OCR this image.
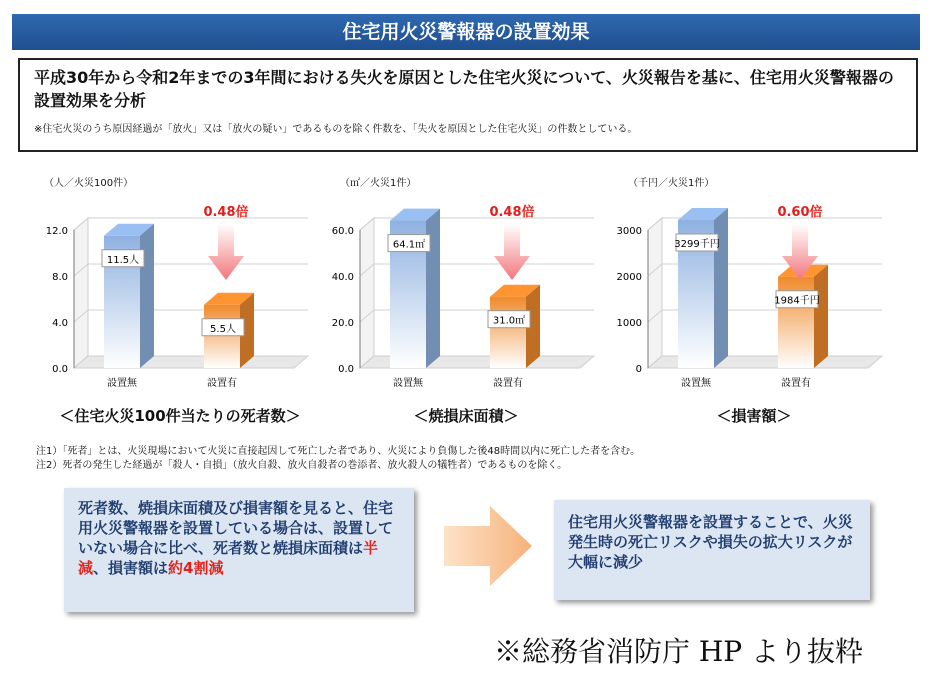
住宅用火災警報器の設置効果
平成30年から令和2年までの3年間における失火を原因とした住宅火災について、火災報告を基に、住宅用火災警報器の設置効果を分析
※住宅火災のうち原因経過が「放火」又は「放火の疑い」であるものを除く件数を、「失火を原因とした住宅火災」の件数としている。
（人／火災100件）
0.0
4.0
8.0
12.0
11.5人
設置無
5.5人
設置有
0.48倍
＜住宅火災100件当たりの死者数＞
（㎡／火災1件）
0.0
20.0
40.0
60.0
64.1㎡
設置無
31.0㎡
設置有
0.48倍
＜焼損床面積＞
（千円／火災1件）
0
1000
2000
3000
3299千円
設置無
1984千円
設置有
0.60倍
＜損害額＞
注1）「死者」とは、火災現場において火災に直接起因して死亡した者であり、火災により負傷した後48時間以内に死亡した者を含む。
注2）死者の発生した経過が「殺人・自損」（放火自殺、放火自殺者の巻添者、放火殺人の犠牲者）であるものを除く。
死者数、焼損床面積及び損害額を見ると、住宅用火災警報器を設置している場合は、設置していない場合に比べ、死者数と焼損床面積は半減、損害額は約4割減
住宅用火災警報器を設置することで、火災発生時の死亡リスクや損失の拡大リスクが大幅に減少
※総務省消防庁 HP より抜粋
